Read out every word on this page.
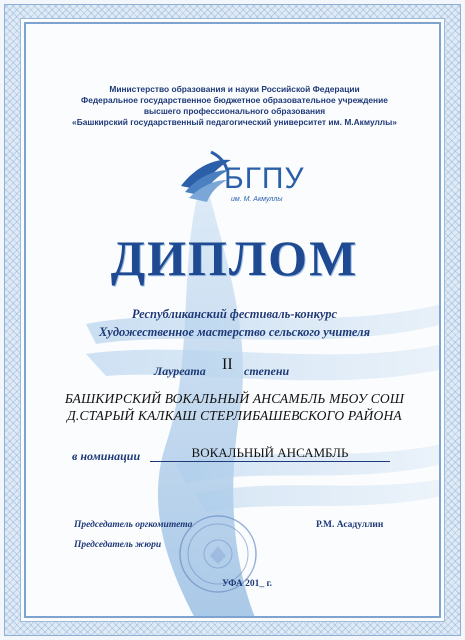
Министерство образования и науки Российской Федерации

Федеральное государственное бюджетное образовательное учреждение

высшего профессионального образования

«Башкирский государственный педагогический университет им. М.Акмуллы»

БГПУ
им. М. Акмуллы
ДИПЛОМ
Республиканский фестиваль-конкурс
Художественное мастерство сельского учителя
Лауреата II степени
БАШКИРСКИЙ ВОКАЛЬНЫЙ АНСАМБЛЬ МБОУ СОШ
Д.СТАРЫЙ КАЛКАШ СТЕРЛИБАШЕВСКОГО РАЙОНА
в номинации	ВОКАЛЬНЫЙ АНСАМБЛЬ
Председатель оргкомитета	Р.М. Асадуллин
Председатель жюри
УФА 201_ г.
